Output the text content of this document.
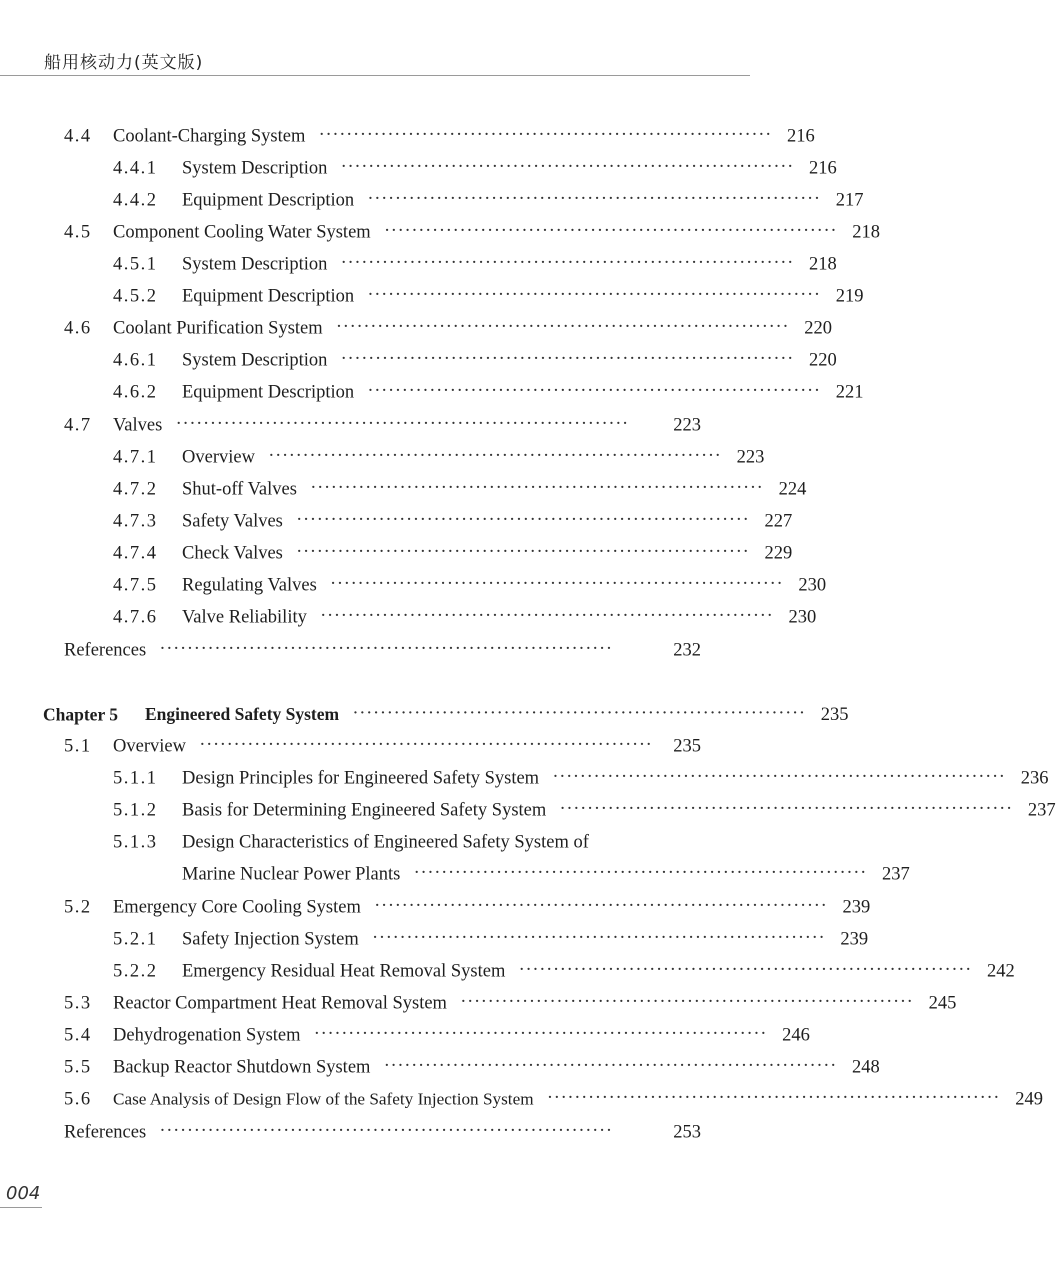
船用核动力(英文版)
4.4 Coolant-Charging System ·································································· 216
4.4.1 System Description ·································································· 216
4.4.2 Equipment Description ·································································· 217
4.5 Component Cooling Water System ·································································· 218
4.5.1 System Description ·································································· 218
4.5.2 Equipment Description ·································································· 219
4.6 Coolant Purification System ·································································· 220
4.6.1 System Description ·································································· 220
4.6.2 Equipment Description ·································································· 221
4.7 Valves ··································································	223
4.7.1 Overview ·································································· 223
4.7.2 Shut-off Valves ·································································· 224
4.7.3 Safety Valves ·································································· 227
4.7.4 Check Valves ·································································· 229
4.7.5 Regulating Valves ·································································· 230
4.7.6 Valve Reliability ·································································· 230
References ··································································	232
Chapter 5 Engineered Safety System ·································································· 235
5.1 Overview ··································································	235
5.1.1 Design Principles for Engineered Safety System ·································································· 236
5.1.2 Basis for Determining Engineered Safety System ·································································· 237
5.1.3 Design Characteristics of Engineered Safety System of
Marine Nuclear Power Plants ·································································· 237
5.2 Emergency Core Cooling System ·································································· 239
5.2.1 Safety Injection System ·································································· 239
5.2.2 Emergency Residual Heat Removal System ·································································· 242
5.3 Reactor Compartment Heat Removal System ·································································· 245
5.4 Dehydrogenation System ·································································· 246
5.5 Backup Reactor Shutdown System ·································································· 248
5.6 Case Analysis of Design Flow of the Safety Injection System ·································································· 249
References ··································································	253
004
